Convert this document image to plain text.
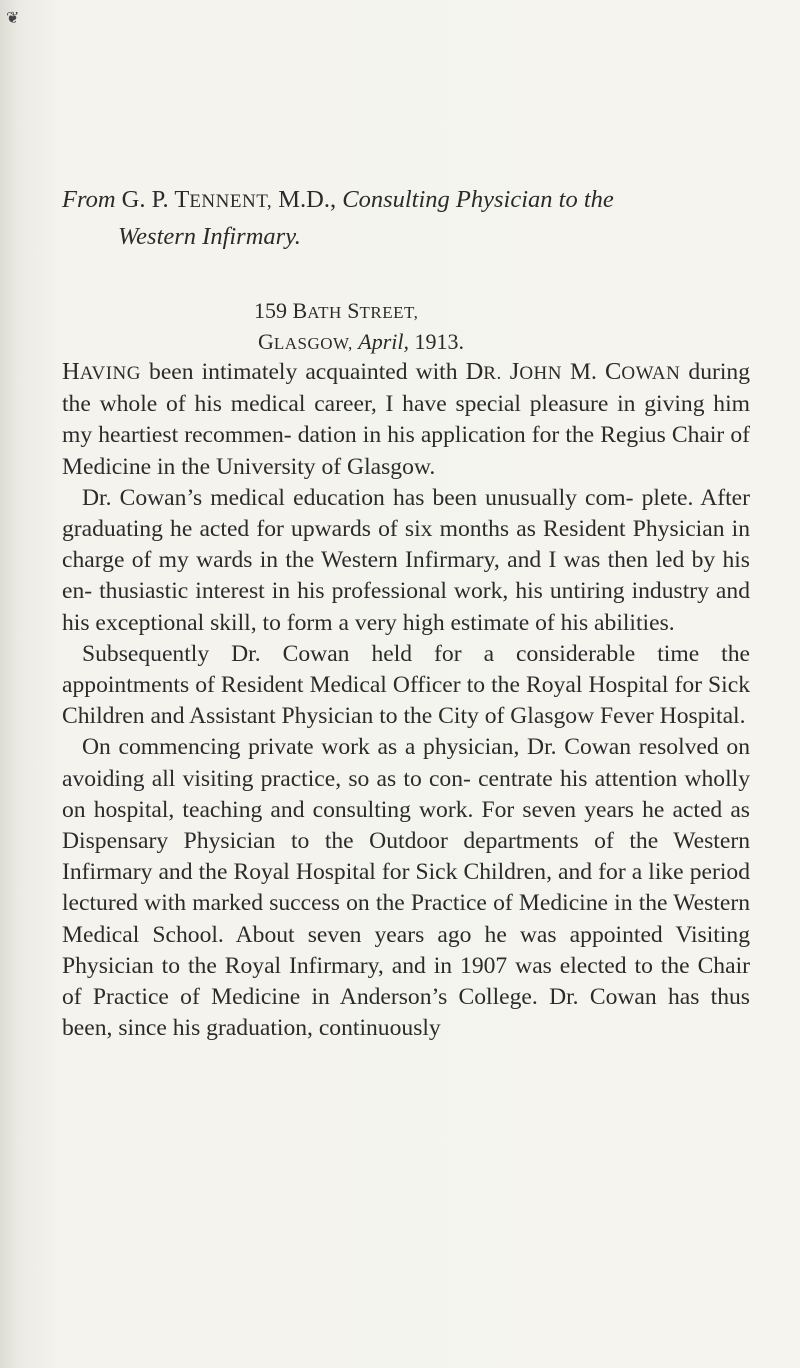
❦
From G. P. TENNENT, M.D., Consulting Physician to the
Western Infirmary.
159 BATH STREET,
GLASGOW, April, 1913.

HAVING been intimately acquainted with DR. JOHN M. COWAN during the whole of his medical career, I have special pleasure in giving him my heartiest recommen- dation in his application for the Regius Chair of Medicine in the University of Glasgow.

Dr. Cowan’s medical education has been unusually com- plete. After graduating he acted for upwards of six months as Resident Physician in charge of my wards in the Western Infirmary, and I was then led by his en- thusiastic interest in his professional work, his untiring industry and his exceptional skill, to form a very high estimate of his abilities.

Subsequently Dr. Cowan held for a considerable time the appointments of Resident Medical Officer to the Royal Hospital for Sick Children and Assistant Physician to the City of Glasgow Fever Hospital.

On commencing private work as a physician, Dr. Cowan resolved on avoiding all visiting practice, so as to con- centrate his attention wholly on hospital, teaching and consulting work. For seven years he acted as Dispensary Physician to the Outdoor departments of the Western Infirmary and the Royal Hospital for Sick Children, and for a like period lectured with marked success on the Practice of Medicine in the Western Medical School. About seven years ago he was appointed Visiting Physician to the Royal Infirmary, and in 1907 was elected to the Chair of Practice of Medicine in Anderson’s College. Dr. Cowan has thus been, since his graduation, continuously
